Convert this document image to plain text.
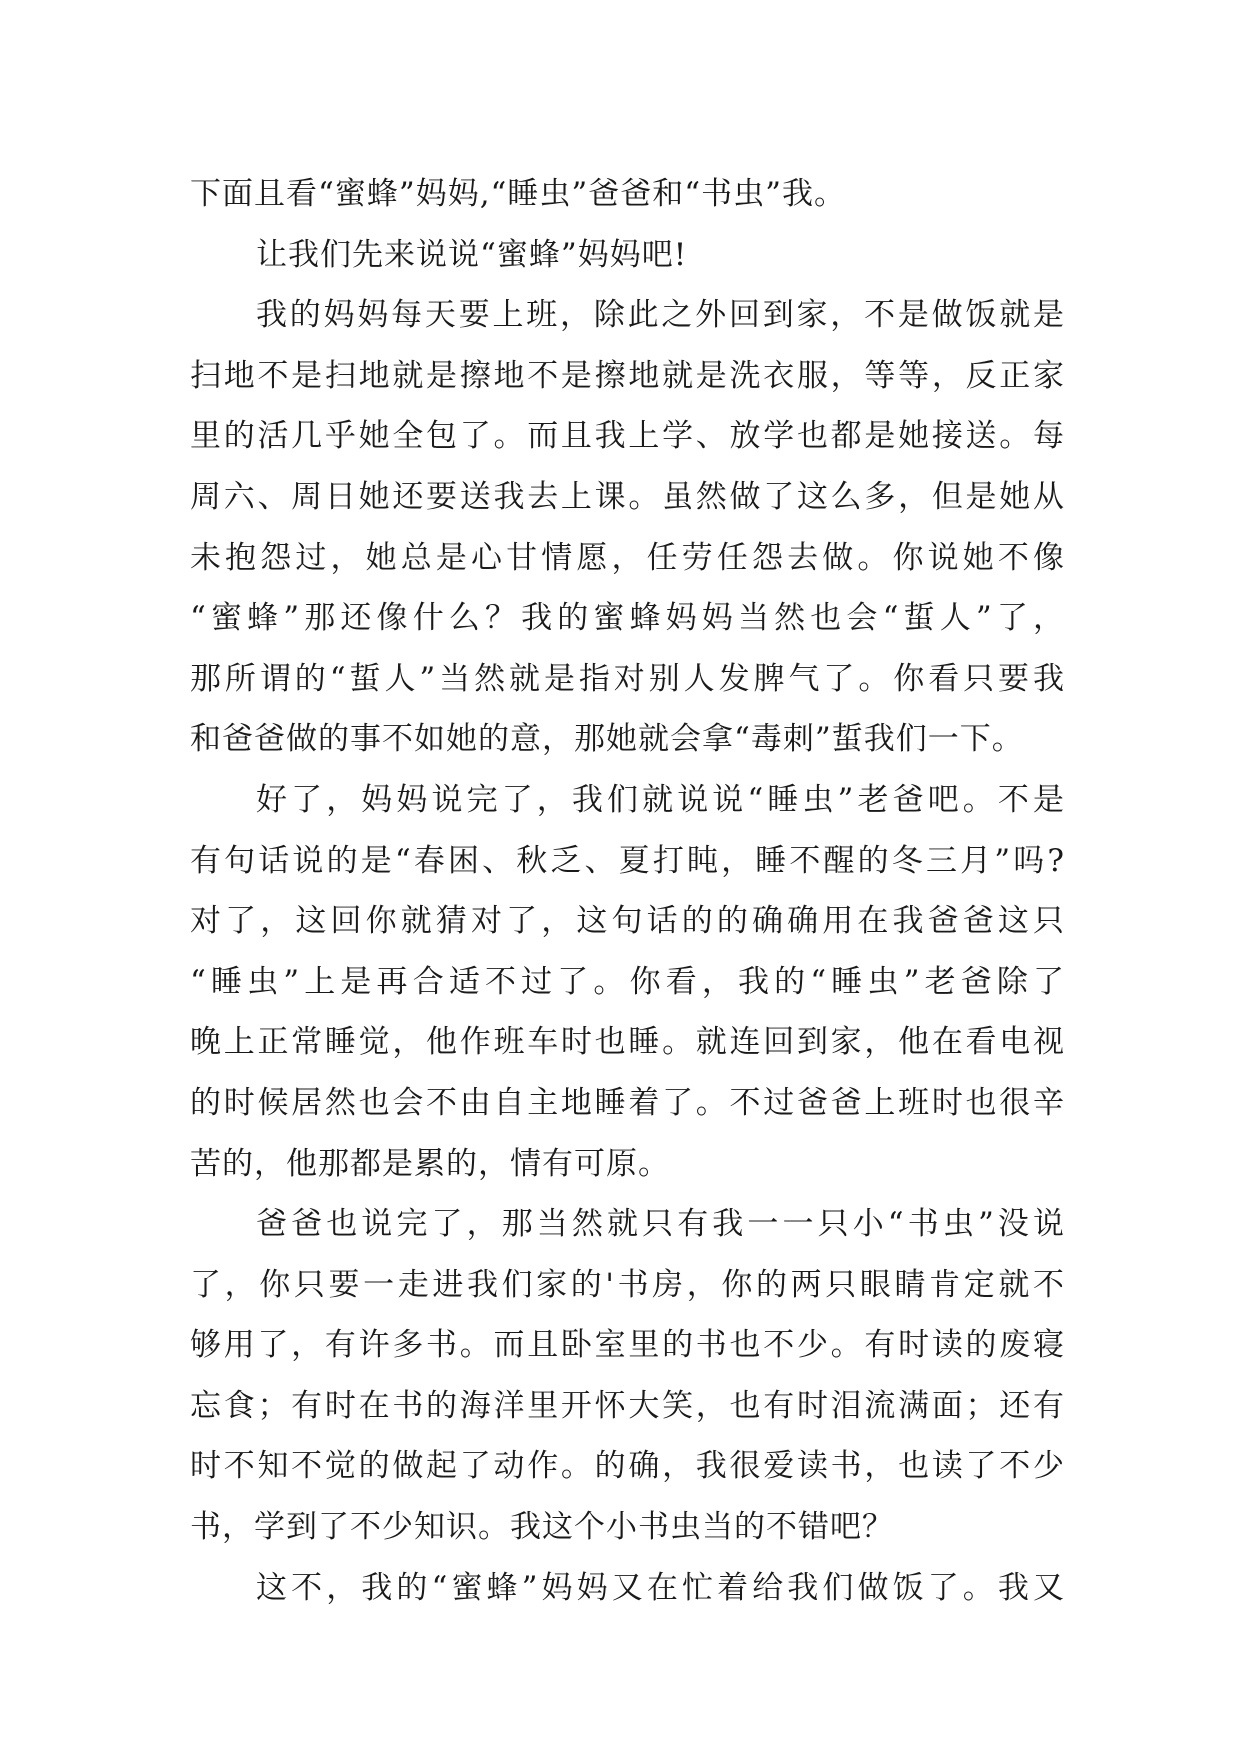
下面且看“蜜蜂”妈妈,“睡虫”爸爸和“书虫”我。
让我们先来说说“蜜蜂”妈妈吧!
我的妈妈每天要上班，除此之外回到家，不是做饭就是
扫地不是扫地就是擦地不是擦地就是洗衣服，等等，反正家
里的活几乎她全包了。而且我上学、放学也都是她接送。每
周六、周日她还要送我去上课。虽然做了这么多，但是她从
未抱怨过，她总是心甘情愿，任劳任怨去做。你说她不像
“蜜蜂”那还像什么？我的蜜蜂妈妈当然也会“蜇人”了，
那所谓的“蜇人”当然就是指对别人发脾气了。你看只要我
和爸爸做的事不如她的意，那她就会拿“毒刺”蜇我们一下。
好了，妈妈说完了，我们就说说“睡虫”老爸吧。不是
有句话说的是“春困、秋乏、夏打盹，睡不醒的冬三月”吗?
对了，这回你就猜对了，这句话的的确确用在我爸爸这只
“睡虫”上是再合适不过了。你看，我的“睡虫”老爸除了
晚上正常睡觉，他作班车时也睡。就连回到家，他在看电视
的时候居然也会不由自主地睡着了。不过爸爸上班时也很辛
苦的，他那都是累的，情有可原。
爸爸也说完了，那当然就只有我一一只小“书虫”没说
了，你只要一走进我们家的'书房，你的两只眼睛肯定就不
够用了，有许多书。而且卧室里的书也不少。有时读的废寝
忘食；有时在书的海洋里开怀大笑，也有时泪流满面；还有
时不知不觉的做起了动作。的确，我很爱读书，也读了不少
书，学到了不少知识。我这个小书虫当的不错吧？
这不，我的“蜜蜂”妈妈又在忙着给我们做饭了。我又
